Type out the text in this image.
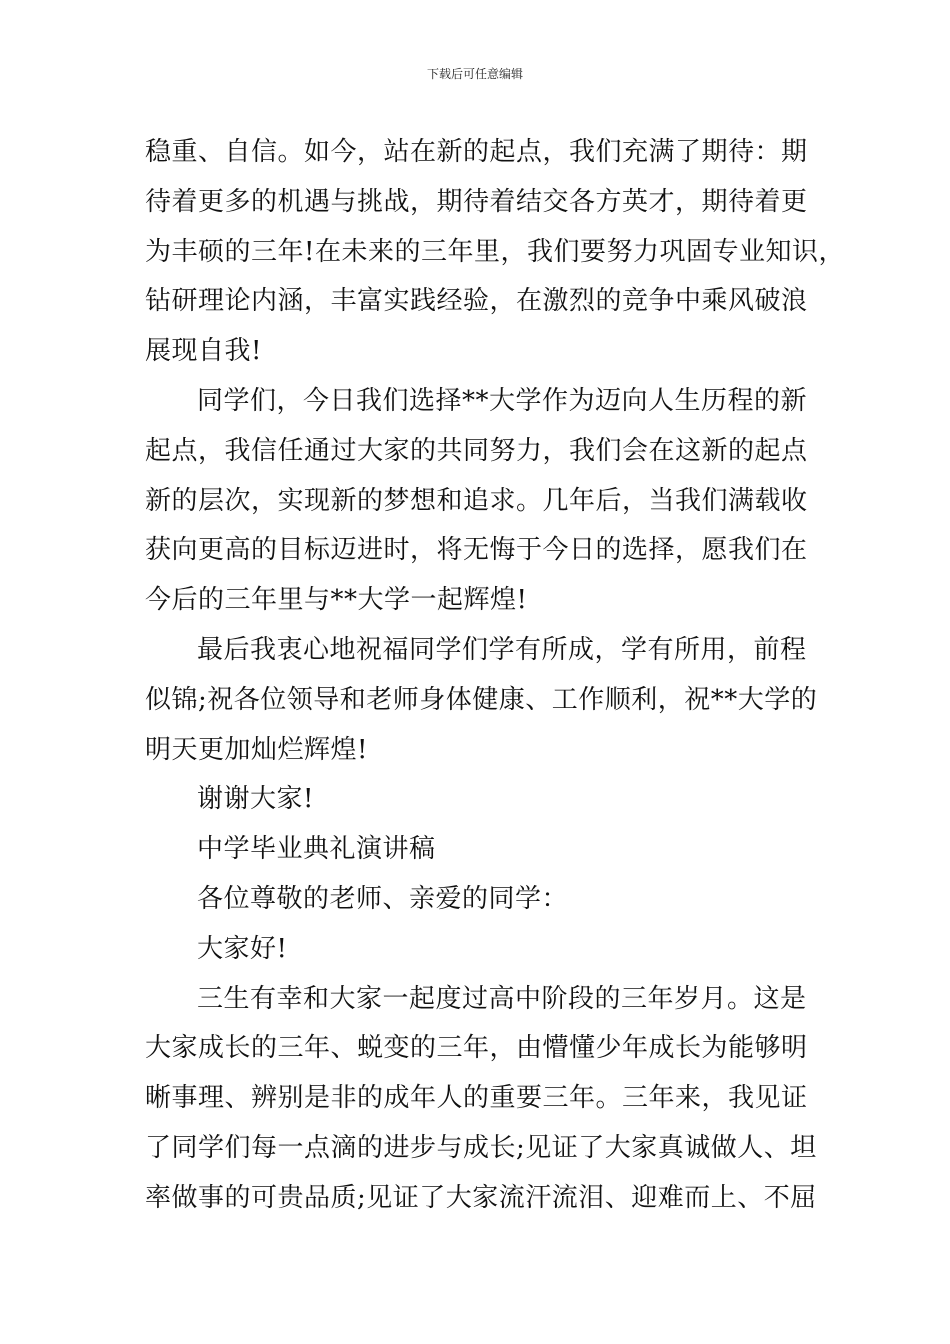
下载后可任意编辑
稳重、自信。如今，站在新的起点，我们充满了期待：期
待着更多的机遇与挑战，期待着结交各方英才，期待着更
为丰硕的三年!在未来的三年里，我们要努力巩固专业知识，
钻研理论内涵，丰富实践经验，在激烈的竞争中乘风破浪
展现自我!
同学们，今日我们选择**大学作为迈向人生历程的新
起点，我信任通过大家的共同努力，我们会在这新的起点
新的层次，实现新的梦想和追求。几年后，当我们满载收
获向更高的目标迈进时，将无悔于今日的选择，愿我们在
今后的三年里与**大学一起辉煌!
最后我衷心地祝福同学们学有所成，学有所用，前程
似锦;祝各位领导和老师身体健康、工作顺利，祝**大学的
明天更加灿烂辉煌!
谢谢大家!
中学毕业典礼演讲稿
各位尊敬的老师、亲爱的同学：
大家好!
三生有幸和大家一起度过高中阶段的三年岁月。这是
大家成长的三年、蜕变的三年，由懵懂少年成长为能够明
晰事理、辨别是非的成年人的重要三年。三年来，我见证
了同学们每一点滴的进步与成长;见证了大家真诚做人、坦
率做事的可贵品质;见证了大家流汗流泪、迎难而上、不屈
